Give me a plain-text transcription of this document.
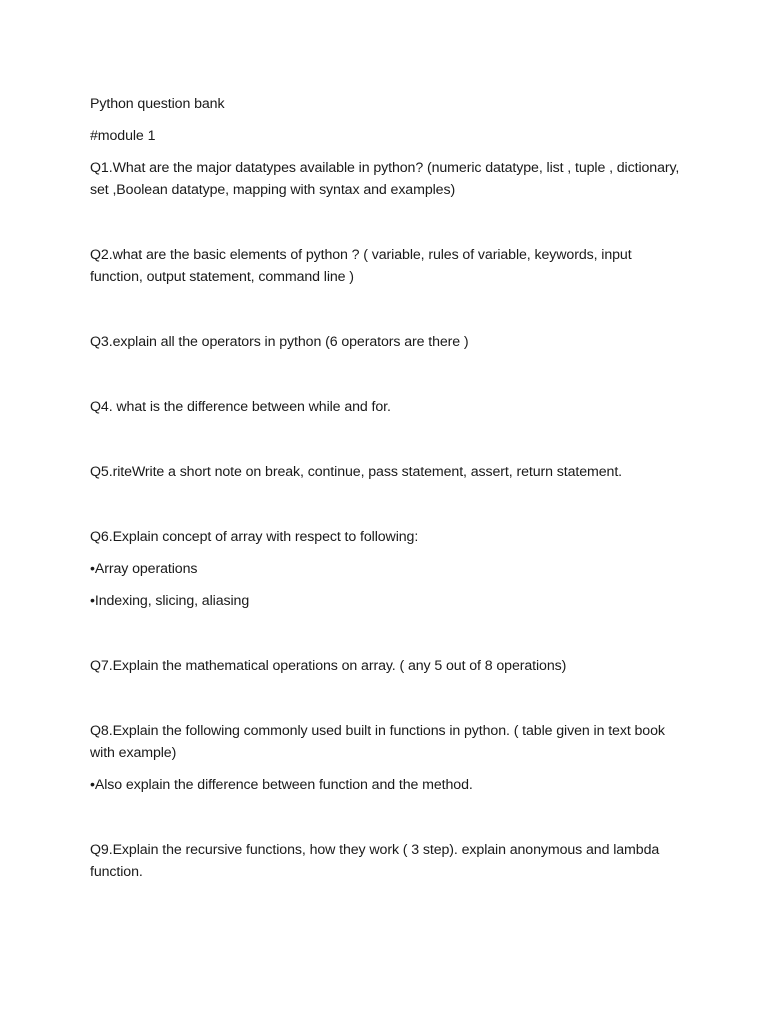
Python question bank

#module 1

Q1.What are the major datatypes available in python? (numeric datatype, list , tuple , dictionary, set ,Boolean datatype, mapping with syntax and examples)

Q2.what are the basic elements of python ? ( variable, rules of variable, keywords, input function, output statement, command line )

Q3.explain all the operators in python (6 operators are there )

Q4. what is the difference between while and for.

Q5.riteWrite a short note on break, continue, pass statement, assert, return statement.

Q6.Explain concept of array with respect to following:

•Array operations

•Indexing, slicing, aliasing

Q7.Explain the mathematical operations on array. ( any 5 out of 8 operations)

Q8.Explain the following commonly used built in functions in python. ( table given in text book with example)

•Also explain the difference between function and the method.

Q9.Explain the recursive functions, how they work ( 3 step). explain anonymous and lambda function.
